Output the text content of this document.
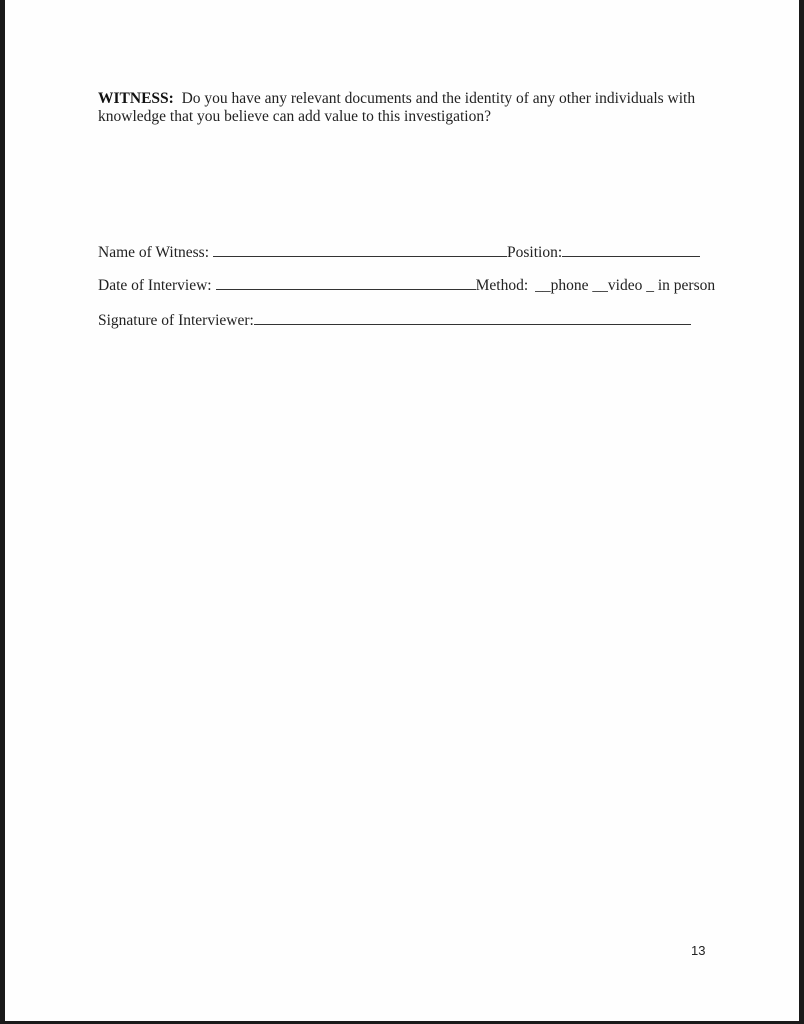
WITNESS: Do you have any relevant documents and the identity of any other individuals with knowledge that you believe can add value to this investigation?
Name of Witness:	Position:
Date of Interview:	Method: __phone __video _ in person
Signature of Interviewer:
13
